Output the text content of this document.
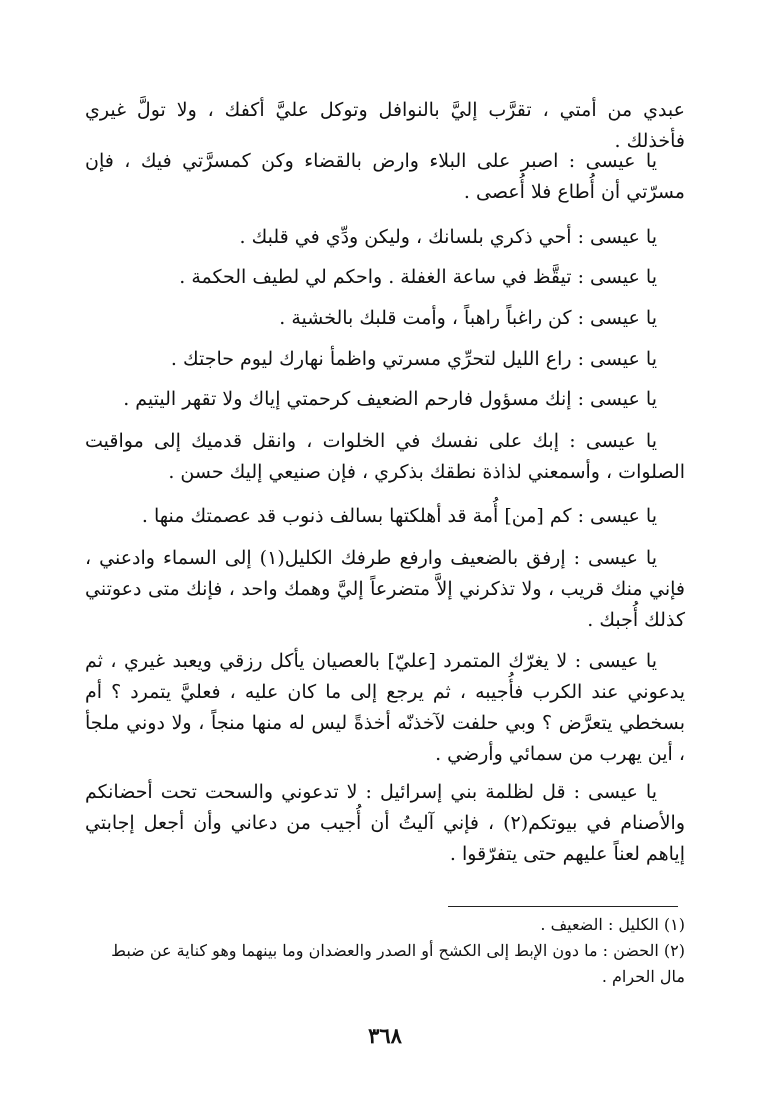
`

عبدي من أمتي ، تقرَّب إليَّ بالنوافل وتوكل عليَّ أكفك ، ولا تولَّ غيري فأخذلك .

يا عيسى : اصبر على البلاء وارض بالقضاء وكن كمسرَّتي فيك ، فإن مسرّتي أن أُطاع فلا أُعصى .

يا عيسى : أحي ذكري بلسانك ، وليكن ودِّي في قلبك .

يا عيسى : تيقَّظ في ساعة الغفلة . واحكم لي لطيف الحكمة .

يا عيسى : كن راغباً راهباً ، وأمت قلبك بالخشية .

يا عيسى : راع الليل لتحرِّي مسرتي واظمأ نهارك ليوم حاجتك .

يا عيسى : إنك مسؤول فارحم الضعيف كرحمتي إياك ولا تقهر اليتيم .

يا عيسى : إبك على نفسك في الخلوات ، وانقل قدميك إلى مواقيت الصلوات ، وأسمعني لذاذة نطقك بذكري ، فإن صنيعي إليك حسن .

يا عيسى : كم [من] أُمة قد أهلكتها بسالف ذنوب قد عصمتك منها .

يا عيسى : إرفق بالضعيف وارفع طرفك الكليل(١) إلى السماء وادعني ، فإني منك قريب ، ولا تذكرني إلاَّ متضرعاً إليَّ وهمك واحد ، فإنك متى دعوتني كذلك أُجبك .

يا عيسى : لا يغرّك المتمرد [عليّ] بالعصيان يأكل رزقي ويعبد غيري ، ثم يدعوني عند الكرب فأُجيبه ، ثم يرجع إلى ما كان عليه ، فعليَّ يتمرد ؟ أم بسخطي يتعرَّض ؟ وبي حلفت لآخذنّه أخذةً ليس له منها منجاً ، ولا دوني ملجأ ، أين يهرب من سمائي وأرضي .

يا عيسى : قل لظلمة بني إسرائيل : لا تدعوني والسحت تحت أحضانكم والأصنام في بيوتكم(٢) ، فإني آليتُ أن أُجيب من دعاني وأن أجعل إجابتي إياهم لعناً عليهم حتى يتفرّقوا .

(١) الكليل : الضعيف .

(٢) الحضن : ما دون الإبط إلى الكشح أو الصدر والعضدان وما بينهما وهو كناية عن ضبط مال الحرام .

٣٦٨
